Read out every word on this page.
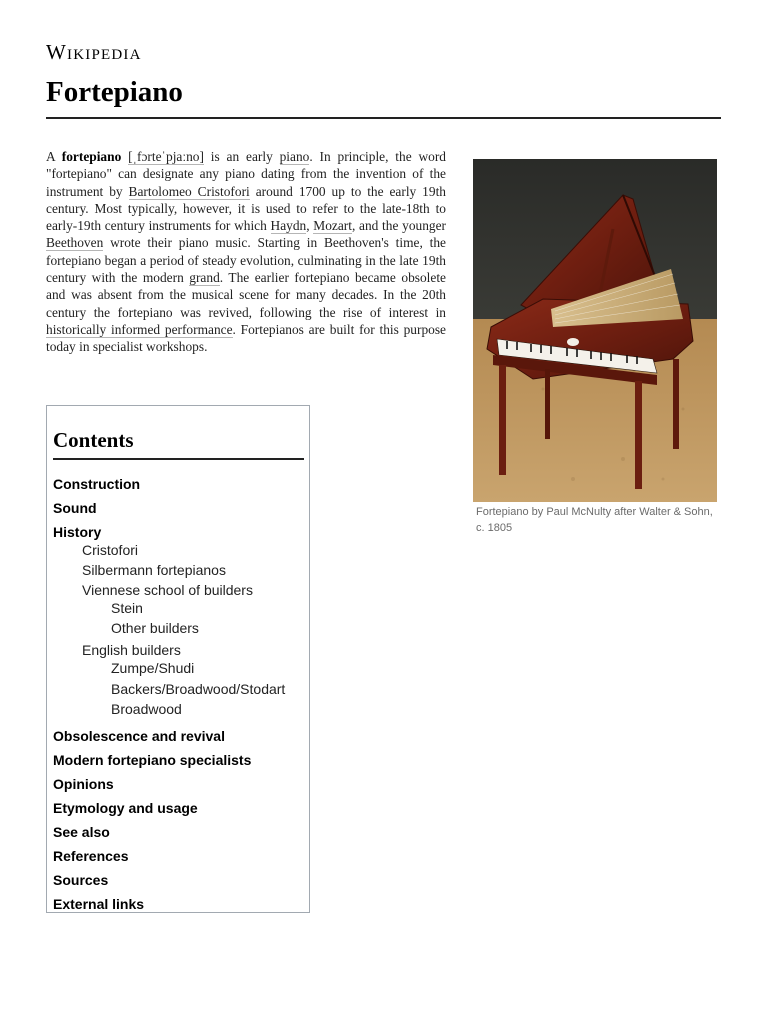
Wikipedia
Fortepiano

A fortepiano [ˌfɔrteˈpjaːno] is an early piano. In principle, the word "fortepiano" can designate any piano dating from the invention of the instrument by Bartolomeo Cristofori around 1700 up to the early 19th century. Most typically, however, it is used to refer to the late-18th to early-19th century instruments for which Haydn, Mozart, and the younger Beethoven wrote their piano music. Starting in Beethoven's time, the fortepiano began a period of steady evolution, culminating in the late 19th century with the modern grand. The earlier fortepiano became obsolete and was absent from the musical scene for many decades. In the 20th century the fortepiano was revived, following the rise of interest in historically informed performance. Fortepianos are built for this purpose today in specialist workshops.

Fortepiano by Paul McNulty after Walter & Sohn, c. 1805
Contents
Construction
Sound
History
Cristofori
Silbermann fortepianos
Viennese school of builders
Stein
Other builders
English builders
Zumpe/Shudi
Backers/Broadwood/Stodart
Broadwood
Obsolescence and revival
Modern fortepiano specialists
Opinions
Etymology and usage
See also
References
Sources
External links
